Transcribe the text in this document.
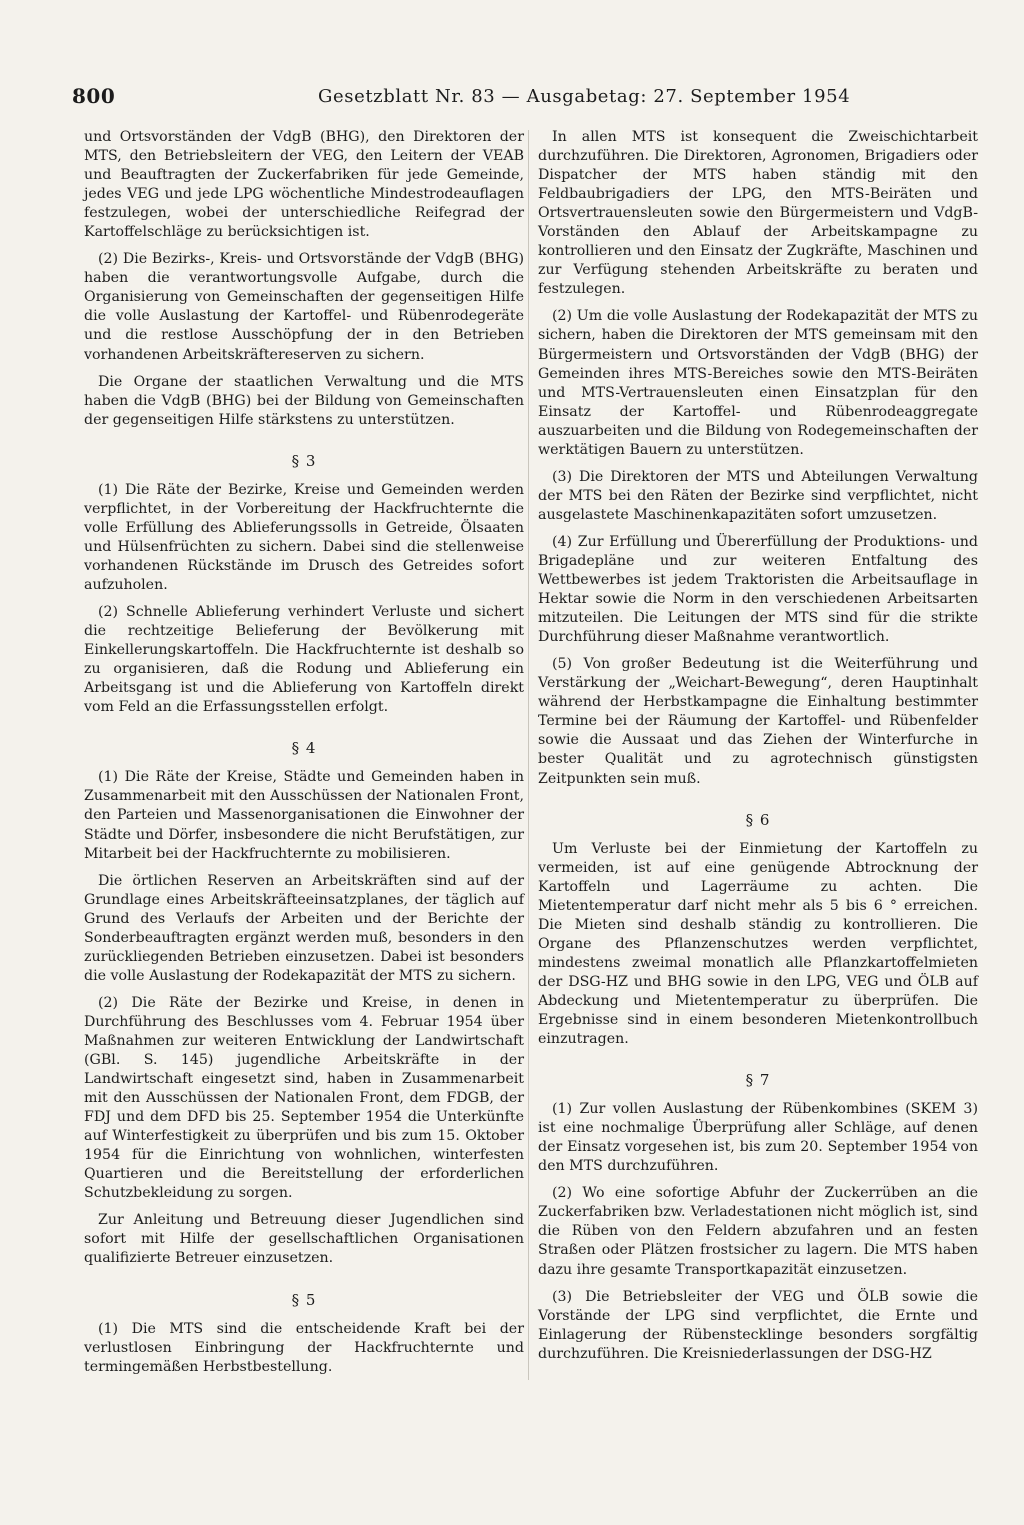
800	Gesetzblatt Nr. 83 — Ausgabetag: 27. September 1954

und Ortsvorständen der VdgB (BHG), den Direktoren der MTS, den Betriebsleitern der VEG, den Leitern der VEAB und Beauftragten der Zuckerfabriken für jede Gemeinde, jedes VEG und jede LPG wöchentliche Mindestrodeauflagen festzulegen, wobei der unterschiedliche Reifegrad der Kartoffelschläge zu berücksichtigen ist.

(2) Die Bezirks-, Kreis- und Ortsvorstände der VdgB (BHG) haben die verantwortungsvolle Aufgabe, durch die Organisierung von Gemeinschaften der gegenseitigen Hilfe die volle Auslastung der Kartoffel- und Rübenrodegeräte und die restlose Ausschöpfung der in den Betrieben vorhandenen Arbeitskräftereserven zu sichern.

Die Organe der staatlichen Verwaltung und die MTS haben die VdgB (BHG) bei der Bildung von Gemeinschaften der gegenseitigen Hilfe stärkstens zu unterstützen.

§ 3

(1) Die Räte der Bezirke, Kreise und Gemeinden werden verpflichtet, in der Vorbereitung der Hackfruchternte die volle Erfüllung des Ablieferungssolls in Getreide, Ölsaaten und Hülsenfrüchten zu sichern. Dabei sind die stellenweise vorhandenen Rückstände im Drusch des Getreides sofort aufzuholen.

(2) Schnelle Ablieferung verhindert Verluste und sichert die rechtzeitige Belieferung der Bevölkerung mit Einkellerungskartoffeln. Die Hackfruchternte ist deshalb so zu organisieren, daß die Rodung und Ablieferung ein Arbeitsgang ist und die Ablieferung von Kartoffeln direkt vom Feld an die Erfassungsstellen erfolgt.

§ 4

(1) Die Räte der Kreise, Städte und Gemeinden haben in Zusammenarbeit mit den Ausschüssen der Nationalen Front, den Parteien und Massenorganisationen die Einwohner der Städte und Dörfer, insbesondere die nicht Berufstätigen, zur Mitarbeit bei der Hackfruchternte zu mobilisieren.

Die örtlichen Reserven an Arbeitskräften sind auf der Grundlage eines Arbeitskräfteeinsatzplanes, der täglich auf Grund des Verlaufs der Arbeiten und der Berichte der Sonderbeauftragten ergänzt werden muß, besonders in den zurückliegenden Betrieben einzusetzen. Dabei ist besonders die volle Auslastung der Rodekapazität der MTS zu sichern.

(2) Die Räte der Bezirke und Kreise, in denen in Durchführung des Beschlusses vom 4. Februar 1954 über Maßnahmen zur weiteren Entwicklung der Landwirtschaft (GBl. S. 145) jugendliche Arbeitskräfte in der Landwirtschaft eingesetzt sind, haben in Zusammenarbeit mit den Ausschüssen der Nationalen Front, dem FDGB, der FDJ und dem DFD bis 25. September 1954 die Unterkünfte auf Winterfestigkeit zu überprüfen und bis zum 15. Oktober 1954 für die Einrichtung von wohnlichen, winterfesten Quartieren und die Bereitstellung der erforderlichen Schutzbekleidung zu sorgen.

Zur Anleitung und Betreuung dieser Jugendlichen sind sofort mit Hilfe der gesellschaftlichen Organisationen qualifizierte Betreuer einzusetzen.

§ 5

(1) Die MTS sind die entscheidende Kraft bei der verlustlosen Einbringung der Hackfruchternte und termingemäßen Herbstbestellung.

In allen MTS ist konsequent die Zweischichtarbeit durchzuführen. Die Direktoren, Agronomen, Brigadiers oder Dispatcher der MTS haben ständig mit den Feldbaubrigadiers der LPG, den MTS-Beiräten und Ortsvertrauensleuten sowie den Bürgermeistern und VdgB-Vorständen den Ablauf der Arbeitskampagne zu kontrollieren und den Einsatz der Zugkräfte, Maschinen und zur Verfügung stehenden Arbeitskräfte zu beraten und festzulegen.

(2) Um die volle Auslastung der Rodekapazität der MTS zu sichern, haben die Direktoren der MTS gemeinsam mit den Bürgermeistern und Ortsvorständen der VdgB (BHG) der Gemeinden ihres MTS-Bereiches sowie den MTS-Beiräten und MTS-Vertrauensleuten einen Einsatzplan für den Einsatz der Kartoffel- und Rübenrodeaggregate auszuarbeiten und die Bildung von Rodegemeinschaften der werktätigen Bauern zu unterstützen.

(3) Die Direktoren der MTS und Abteilungen Verwaltung der MTS bei den Räten der Bezirke sind verpflichtet, nicht ausgelastete Maschinenkapazitäten sofort umzusetzen.

(4) Zur Erfüllung und Übererfüllung der Produktions- und Brigadepläne und zur weiteren Entfaltung des Wettbewerbes ist jedem Traktoristen die Arbeitsauflage in Hektar sowie die Norm in den verschiedenen Arbeitsarten mitzuteilen. Die Leitungen der MTS sind für die strikte Durchführung dieser Maßnahme verantwortlich.

(5) Von großer Bedeutung ist die Weiterführung und Verstärkung der „Weichart-Bewegung“, deren Hauptinhalt während der Herbstkampagne die Einhaltung bestimmter Termine bei der Räumung der Kartoffel- und Rübenfelder sowie die Aussaat und das Ziehen der Winterfurche in bester Qualität und zu agrotechnisch günstigsten Zeitpunkten sein muß.

§ 6

Um Verluste bei der Einmietung der Kartoffeln zu vermeiden, ist auf eine genügende Abtrocknung der Kartoffeln und Lagerräume zu achten. Die Mietentemperatur darf nicht mehr als 5 bis 6 ° erreichen. Die Mieten sind deshalb ständig zu kontrollieren. Die Organe des Pflanzenschutzes werden verpflichtet, mindestens zweimal monatlich alle Pflanzkartoffelmieten der DSG-HZ und BHG sowie in den LPG, VEG und ÖLB auf Abdeckung und Mietentemperatur zu überprüfen. Die Ergebnisse sind in einem besonderen Mietenkontrollbuch einzutragen.

§ 7

(1) Zur vollen Auslastung der Rübenkombines (SKEM 3) ist eine nochmalige Überprüfung aller Schläge, auf denen der Einsatz vorgesehen ist, bis zum 20. September 1954 von den MTS durchzuführen.

(2) Wo eine sofortige Abfuhr der Zuckerrüben an die Zuckerfabriken bzw. Verladestationen nicht möglich ist, sind die Rüben von den Feldern abzufahren und an festen Straßen oder Plätzen frostsicher zu lagern. Die MTS haben dazu ihre gesamte Transportkapazität einzusetzen.

(3) Die Betriebsleiter der VEG und ÖLB sowie die Vorstände der LPG sind verpflichtet, die Ernte und Einlagerung der Rübenstecklinge besonders sorgfältig durchzuführen. Die Kreisniederlassungen der DSG-HZ
